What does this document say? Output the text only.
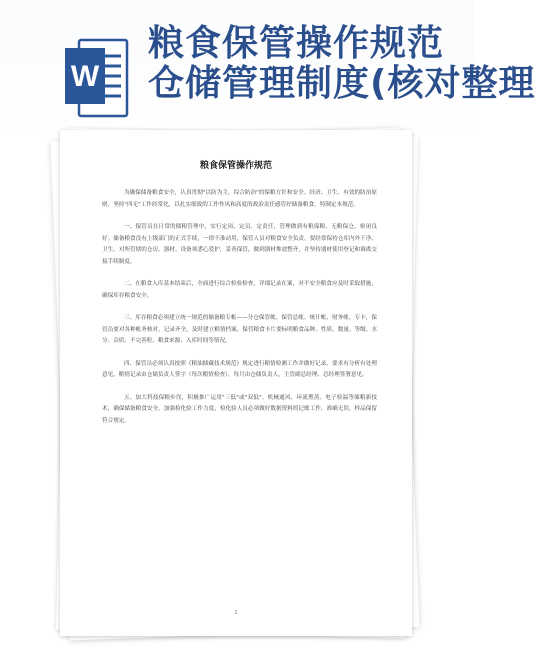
W
粮食保管操作规范
仓储管理制度(核对整理
粮食保管操作规范

为确保储备粮食安全，认真贯彻"以防为主，综合防治"的保粮方针和安全、经济、卫生、有效的防治原则，坚持"四无"工作经常化，以扎实细致的工作作风和高度的政治责任感管好储备粮食，特制定本规范。

一、保管员在日常的储粮管理中，实行定岗、定员、定责任，管理做到有粮保粮、无粮保仓，密闭良好。储备粮食没有上级部门的正式手续，一律不准动用，保管人员对粮食安全负责。要经常保持仓库内外干净、卫生。对所管辖的仓房、器材、设备须悉心爱护，妥善保管，做到器材堆放整齐，并坚持器材使用登记和调离交接手续制度。

二、在粮食入库基本结束后，全面进行综合检验检查，详细记录在案，对不安全粮食应及时采取措施，确保库存粮食安全。

三、库存粮食必须建立统一规范的储备粮专帐——分仓保管帐、保管总帐、统计帐、财务帐、专卡，保管员要对各种帐务核对，记录齐全，及时建立粮情档案。保管粮食卡片要标明粮食品种、性质、数量、等级、水分、杂质、不完善粒、粮食来源、入库时间等情况。

四、保管员必须认真按照《粮油储藏技术规范》规定进行粮情检测工作并做好记录，要求有分析有处理意见。粮情记录由仓储负责人签字（每次粮情检查），每月由仓储负责人，主管副总经理、总经理签署意见。

五、加大科技保粮步伐，积极推广运用"三低"或"双低"、机械通风、环流熏蒸、电子检温等储粮新技术，确保储备粮食安全。加强检化验工作力度，检化验人员必须做好数据资料的记账工作，准确无误，样品保留符合规定。

1
